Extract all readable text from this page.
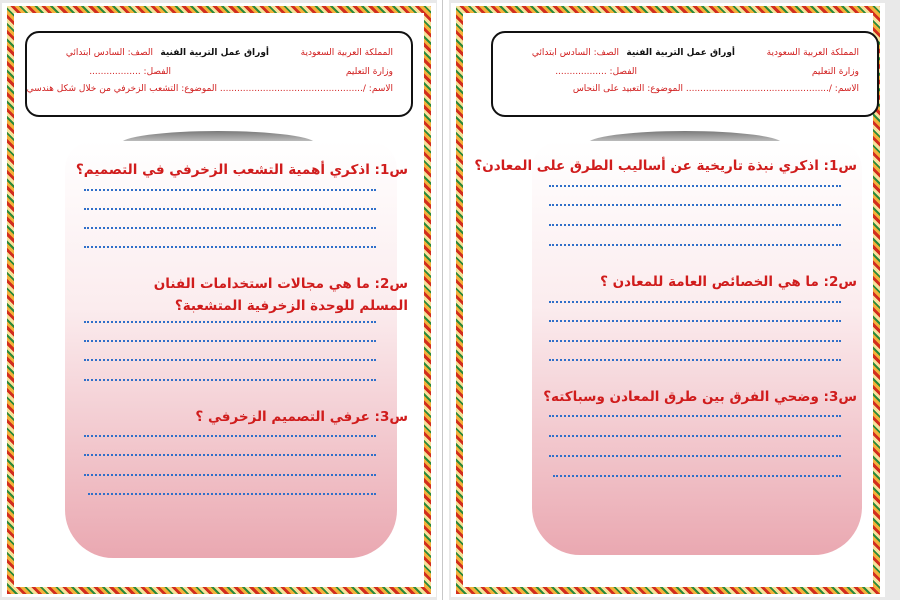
المملكة العربية السعودية
أوراق عمل التربية الفنية
الصف: السادس ابتدائي
وزارة التعليم
الفصل: ..................
الاسم: /..................................................
الموضوع: التشعب الزخرفي من خلال شكل هندسي
س1: اذكري أهمية التشعب الزخرفي في التصميم؟
س2: ما هي مجالات استخدامات الفنان المسلم للوحدة الزخرفية المتشعبة؟
س3: عرفي التصميم الزخرفي ؟
المملكة العربية السعودية
أوراق عمل التربية الفنية
الصف: السادس ابتدائي
وزارة التعليم
الفصل: ..................
الاسم: /..................................................
الموضوع: التعبيد على النحاس
س1: اذكري نبذة تاريخية عن أساليب الطرق على المعادن؟
س2: ما هي الخصائص العامة للمعادن ؟
س3: وضحي الفرق بين طرق المعادن وسباكته؟
